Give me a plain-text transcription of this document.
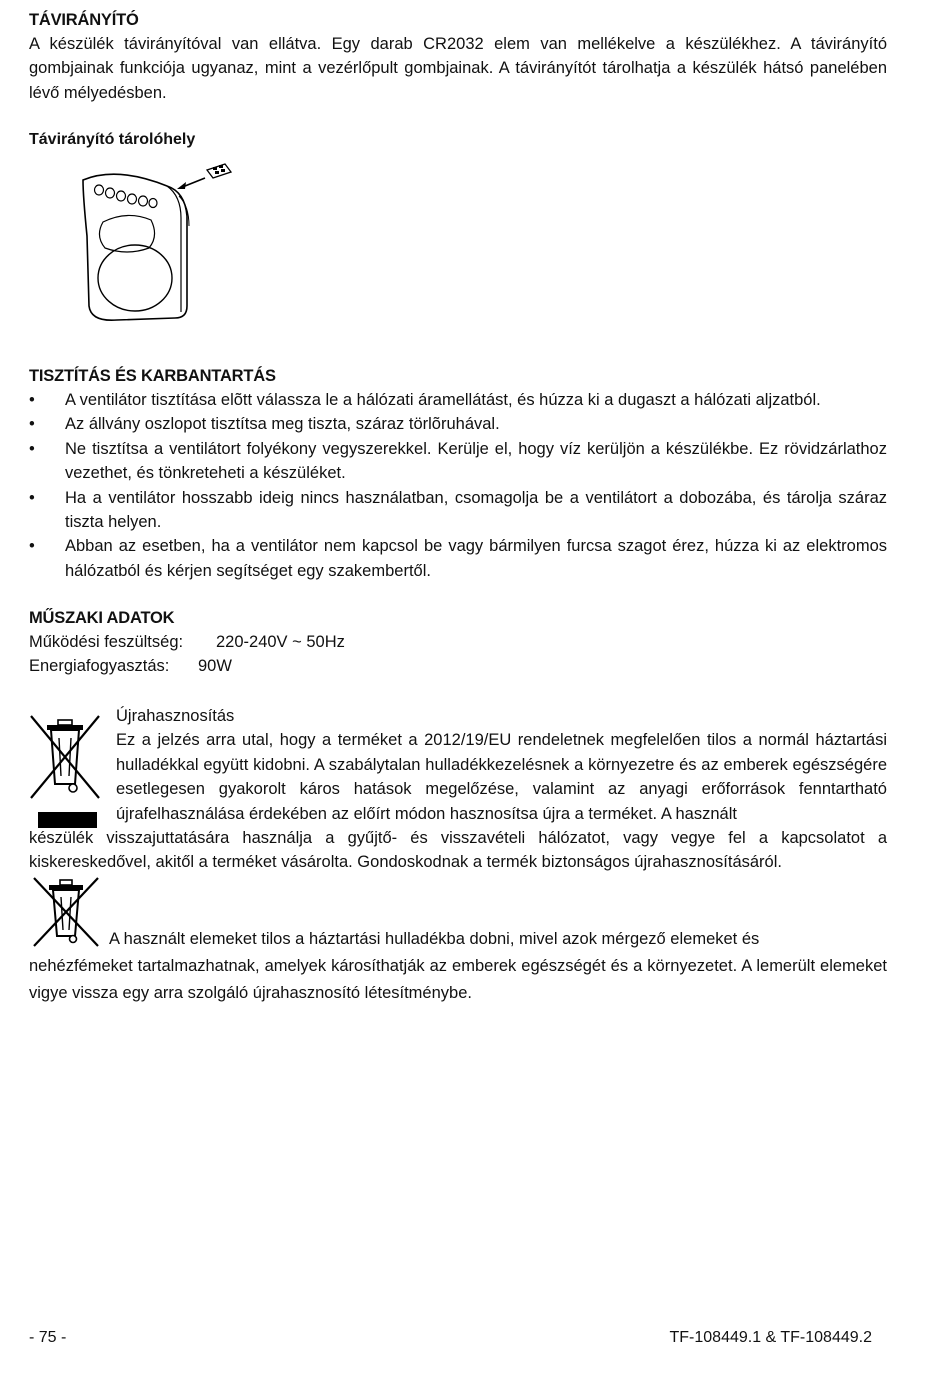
TÁVIRÁNYÍTÓ

A készülék távirányítóval van ellátva. Egy darab CR2032 elem van mellékelve a készülékhez. A távirányító gombjainak funkciója ugyanaz, mint a vezérlőpult gombjainak. A távirányítót tárolhatja a készülék hátsó panelében lévő mélyedésben.

Távirányító tárolóhely
TISZTÍTÁS ÉS KARBANTARTÁS
• A ventilátor tisztítása elõtt válassza le a hálózati áramellátást, és húzza ki a dugaszt a hálózati aljzatból.
• Az állvány oszlopot tisztítsa meg tiszta, száraz törlõruhával.
• Ne tisztítsa a ventilátort folyékony vegyszerekkel. Kerülje el, hogy víz kerüljön a készülékbe. Ez rövidzárlathoz vezethet, és tönkreteheti a készüléket.
• Ha a ventilátor hosszabb ideig nincs használatban, csomagolja be a ventilátort a dobozába, és tárolja száraz tiszta helyen.
• Abban az esetben, ha a ventilátor nem kapcsol be vagy bármilyen furcsa szagot érez, húzza ki az elektromos hálózatból és kérjen segítséget egy szakembertől.
MŰSZAKI ADATOK
Működési feszültség:	220-240V ~ 50Hz
Energiafogyasztás:	90W

Újrahasznosítás

Ez a jelzés arra utal, hogy a terméket a 2012/19/EU rendeletnek megfelelően tilos a normál háztartási hulladékkal együtt kidobni. A szabálytalan hulladékkezelésnek a környezetre és az emberek egészségére esetlegesen gyakorolt káros hatások megelőzése, valamint az anyagi erőforrások fenntartható újrafelhasználása érdekében az előírt módon hasznosítsa újra a terméket. A használt

készülék visszajuttatására használja a gyűjtő- és visszavételi hálózatot, vagy vegye fel a kapcsolatot a kiskereskedővel, akitől a terméket vásárolta. Gondoskodnak a termék biztonságos újrahasznosításáról.

A használt elemeket tilos a háztartási hulladékba dobni, mivel azok mérgező elemeket és

nehézfémeket tartalmazhatnak, amelyek károsíthatják az emberek egészségét és a környezetet. A lemerült elemeket vigye vissza egy arra szolgáló újrahasznosító létesítménybe.

- 75 -	TF-108449.1 & TF-108449.2
